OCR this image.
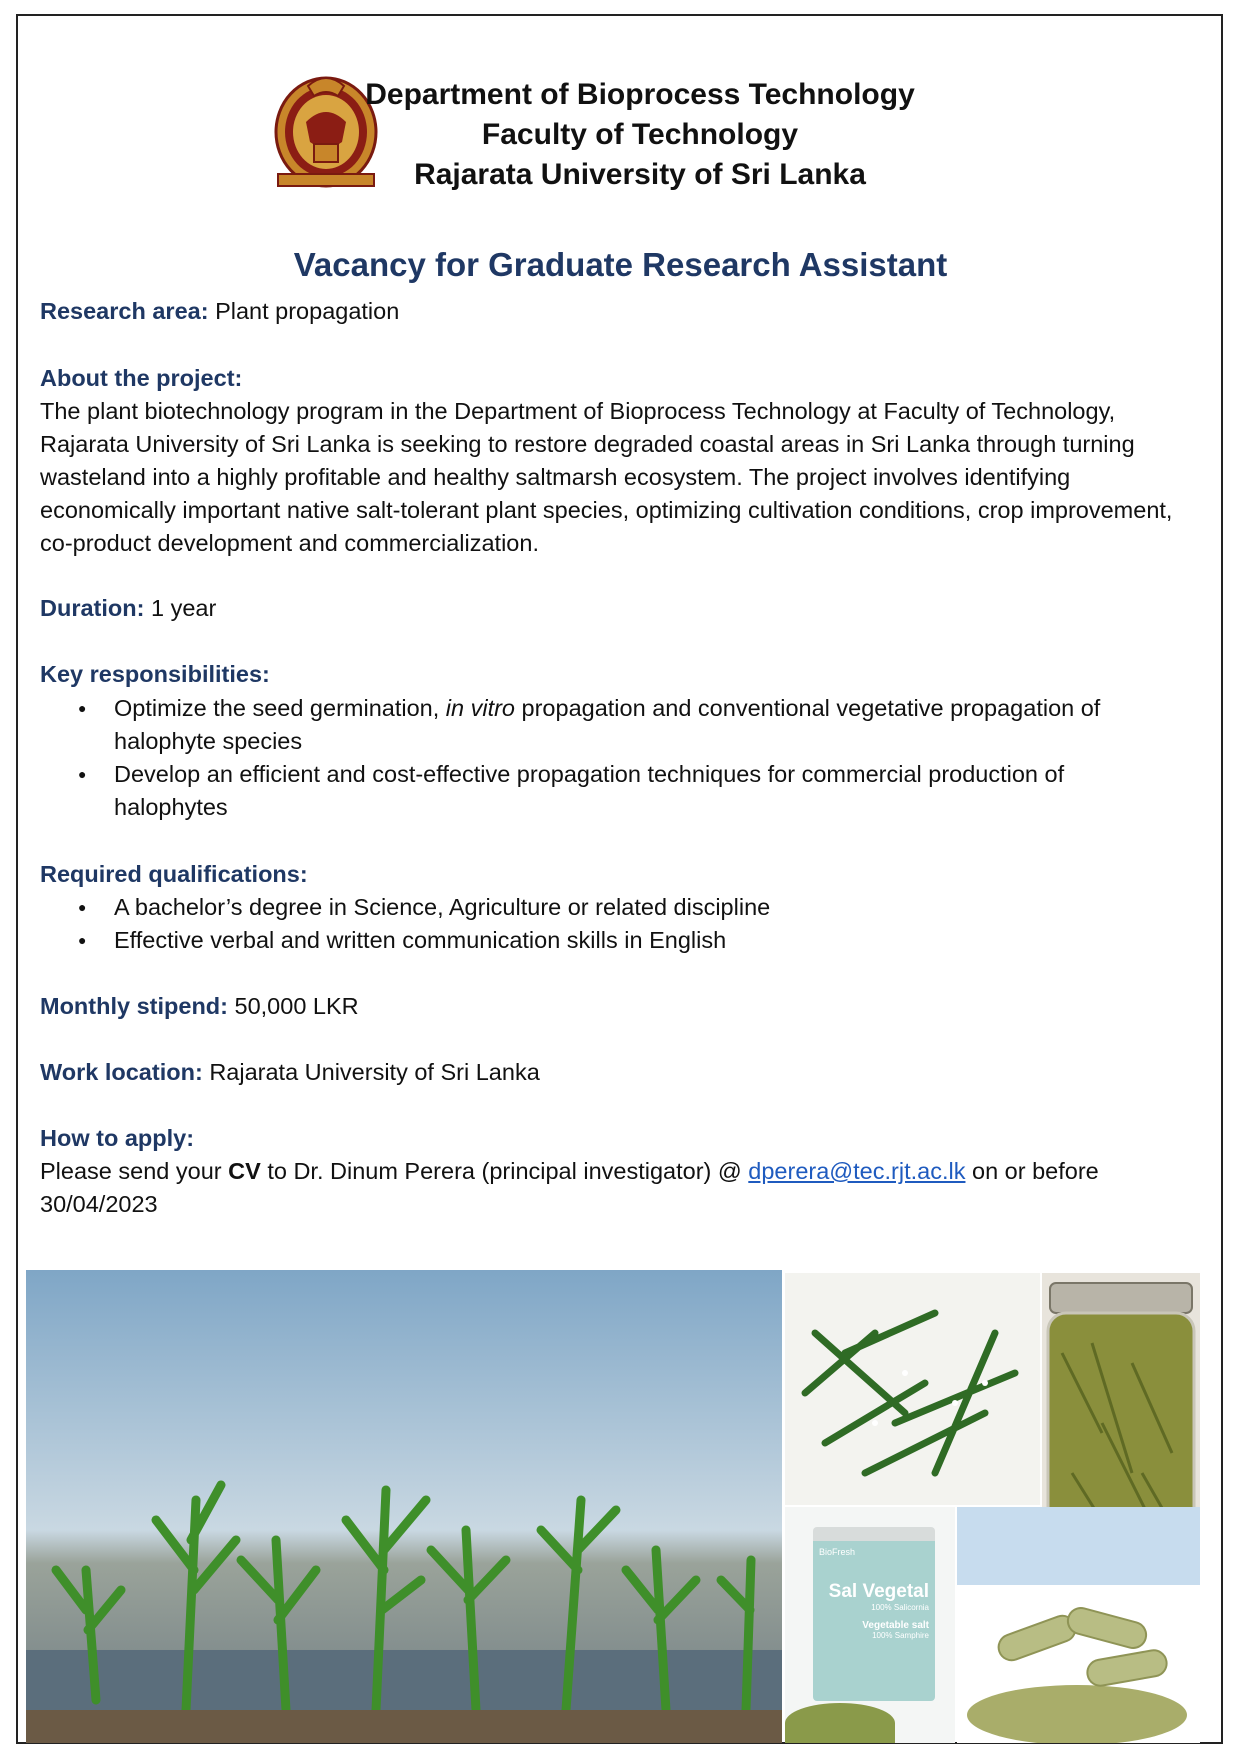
Department of Bioprocess Technology
Faculty of Technology
Rajarata University of Sri Lanka
Vacancy for Graduate Research Assistant
Research area: Plant propagation
About the project:
The plant biotechnology program in the Department of Bioprocess Technology at Faculty of Technology, Rajarata University of Sri Lanka is seeking to restore degraded coastal areas in Sri Lanka through turning wasteland into a highly profitable and healthy saltmarsh ecosystem. The project involves identifying economically important native salt-tolerant plant species, optimizing cultivation conditions, crop improvement, co-product development and commercialization.
Duration: 1 year
Key responsibilities:
● Optimize the seed germination, in vitro propagation and conventional vegetative propagation of halophyte species
● Develop an efficient and cost-effective propagation techniques for commercial production of halophytes
Required qualifications:
● A bachelor’s degree in Science, Agriculture or related discipline
● Effective verbal and written communication skills in English
Monthly stipend: 50,000 LKR
Work location: Rajarata University of Sri Lanka
How to apply:
Please send your CV to Dr. Dinum Perera (principal investigator) @ dperera@tec.rjt.ac.lk on or before 30/04/2023
BioFresh
Sal Vegetal
100% Salicornia
Vegetable salt
100% Samphire
